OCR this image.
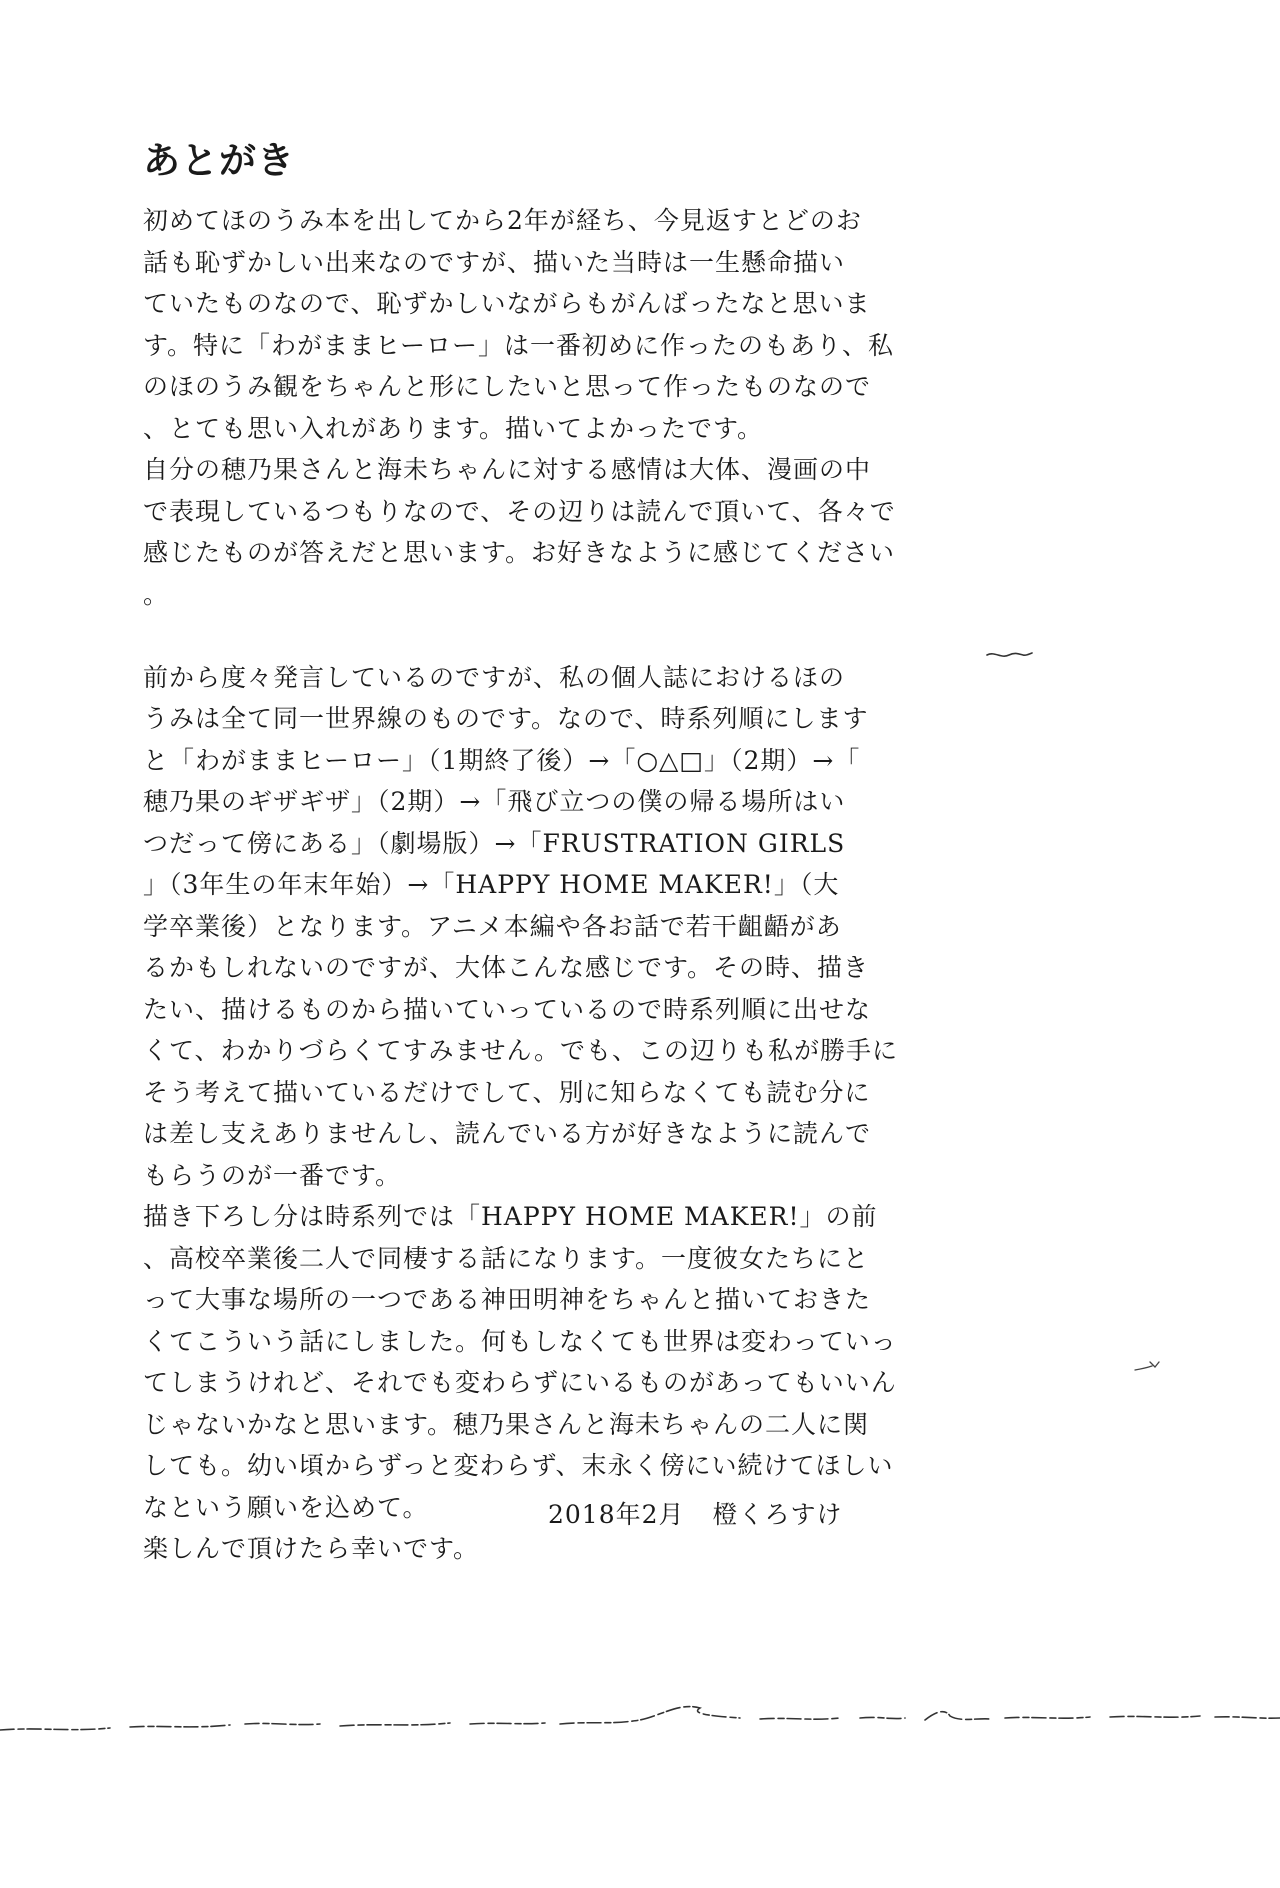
あとがき
初めてほのうみ本を出してから2年が経ち、今見返すとどのお
話も恥ずかしい出来なのですが、描いた当時は一生懸命描い
ていたものなので、恥ずかしいながらもがんばったなと思いま
す。特に「わがままヒーロー」は一番初めに作ったのもあり、私
のほのうみ観をちゃんと形にしたいと思って作ったものなので
、とても思い入れがあります。描いてよかったです。
自分の穂乃果さんと海未ちゃんに対する感情は大体、漫画の中
で表現しているつもりなので、その辺りは読んで頂いて、各々で
感じたものが答えだと思います。お好きなように感じてください
。
前から度々発言しているのですが、私の個人誌におけるほの
うみは全て同一世界線のものです。なので、時系列順にします
と「わがままヒーロー」（1期終了後）→「○△□」（2期）→「
穂乃果のギザギザ」（2期）→「飛び立つの僕の帰る場所はい
つだって傍にある」（劇場版）→「FRUSTRATION GIRLS
」（3年生の年末年始）→「HAPPY HOME MAKER!」（大
学卒業後）となります。アニメ本編や各お話で若干齟齬があ
るかもしれないのですが、大体こんな感じです。その時、描き
たい、描けるものから描いていっているので時系列順に出せな
くて、わかりづらくてすみません。でも、この辺りも私が勝手に
そう考えて描いているだけでして、別に知らなくても読む分に
は差し支えありませんし、読んでいる方が好きなように読んで
もらうのが一番です。
描き下ろし分は時系列では「HAPPY HOME MAKER!」の前
、高校卒業後二人で同棲する話になります。一度彼女たちにと
って大事な場所の一つである神田明神をちゃんと描いておきた
くてこういう話にしました。何もしなくても世界は変わっていっ
てしまうけれど、それでも変わらずにいるものがあってもいいん
じゃないかなと思います。穂乃果さんと海未ちゃんの二人に関
しても。幼い頃からずっと変わらず、末永く傍にい続けてほしい
なという願いを込めて。
楽しんで頂けたら幸いです。
2018年2月 橙くろすけ
